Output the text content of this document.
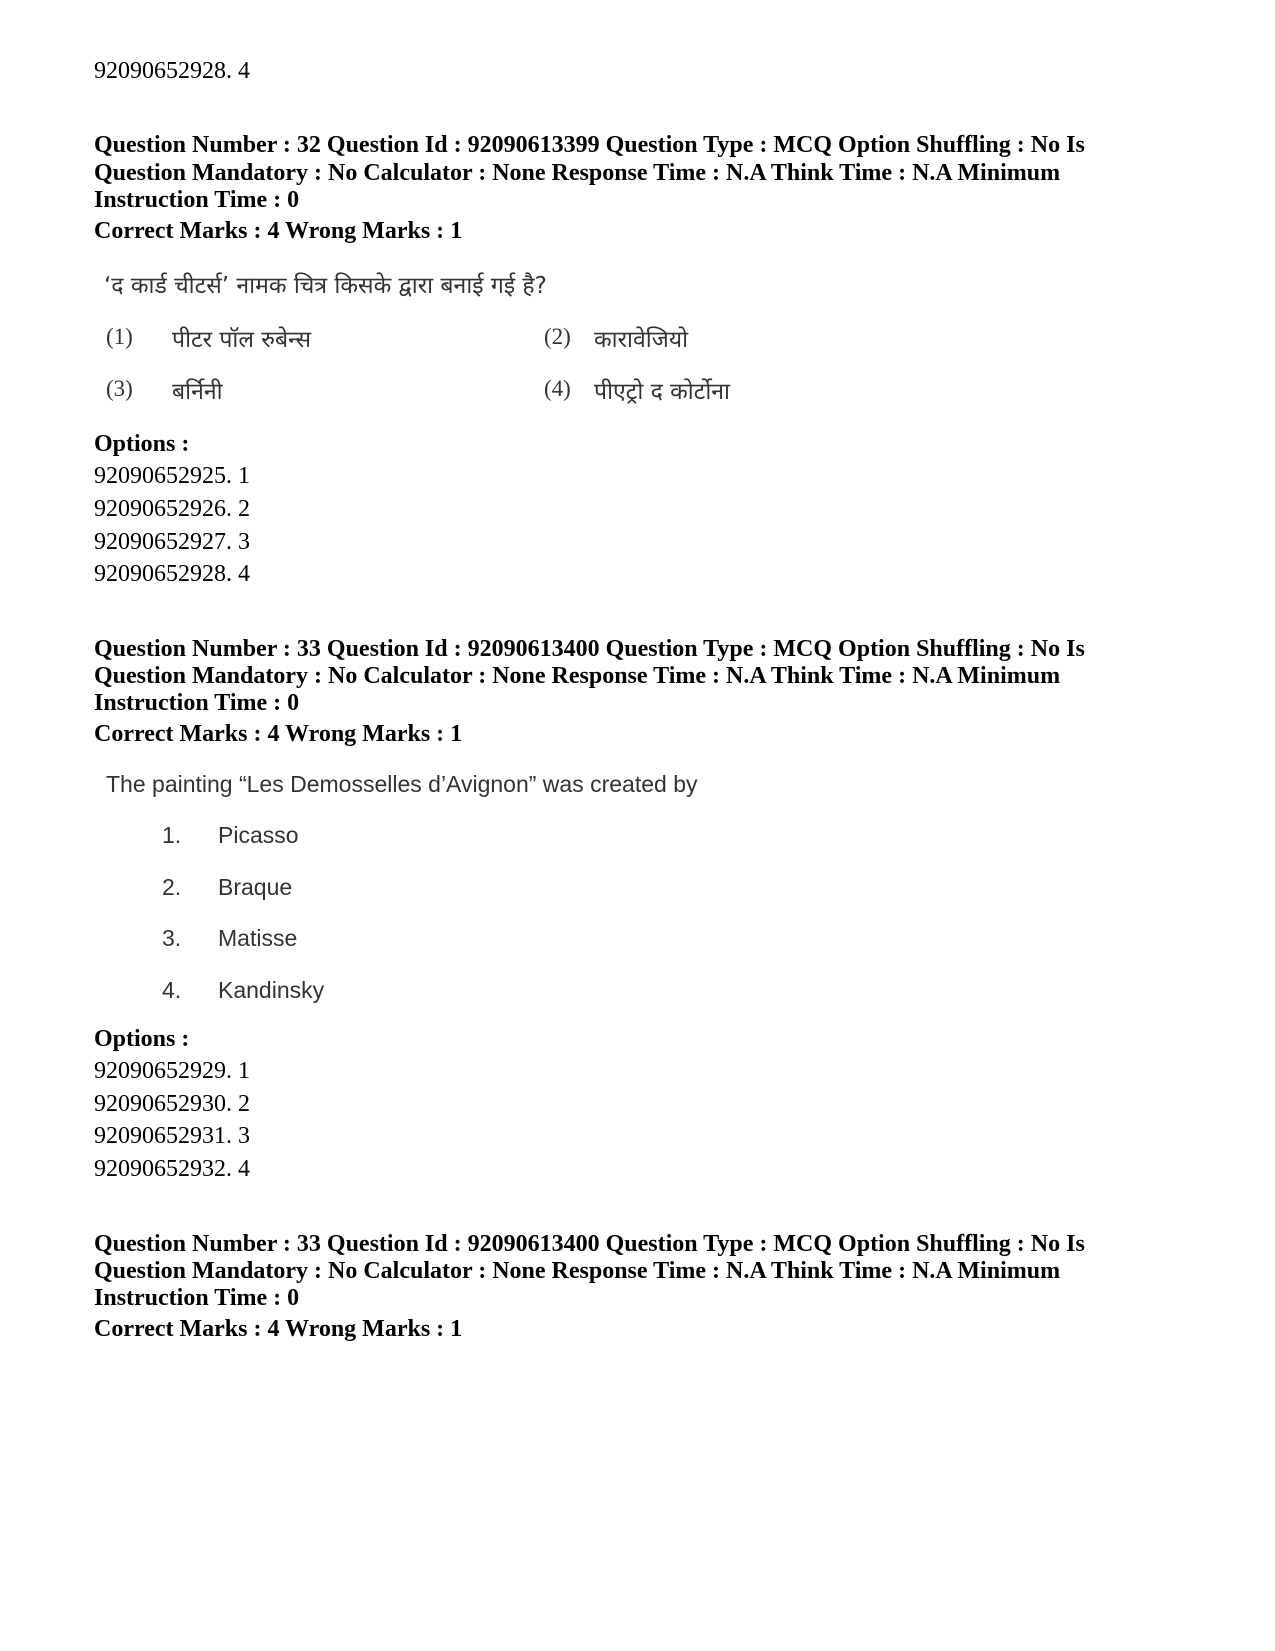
92090652928. 4
Question Number : 32 Question Id : 92090613399 Question Type : MCQ Option Shuffling : No Is
Question Mandatory : No Calculator : None Response Time : N.A Think Time : N.A Minimum
Instruction Time : 0
Correct Marks : 4 Wrong Marks : 1
‘द कार्ड चीटर्स’ नामक चित्र किसके द्वारा बनाई गई है?
(1) पीटर पॉल रुबेन्स	(2) कारावेजियो
(3) बर्निनी	(4) पीएट्रो द कोर्टोना
Options :
92090652925. 1
92090652926. 2
92090652927. 3
92090652928. 4
Question Number : 33 Question Id : 92090613400 Question Type : MCQ Option Shuffling : No Is
Question Mandatory : No Calculator : None Response Time : N.A Think Time : N.A Minimum
Instruction Time : 0
Correct Marks : 4 Wrong Marks : 1
The painting “Les Demosselles d’Avignon” was created by
1. Picasso
2. Braque
3. Matisse
4. Kandinsky
Options :
92090652929. 1
92090652930. 2
92090652931. 3
92090652932. 4
Question Number : 33 Question Id : 92090613400 Question Type : MCQ Option Shuffling : No Is
Question Mandatory : No Calculator : None Response Time : N.A Think Time : N.A Minimum
Instruction Time : 0
Correct Marks : 4 Wrong Marks : 1
